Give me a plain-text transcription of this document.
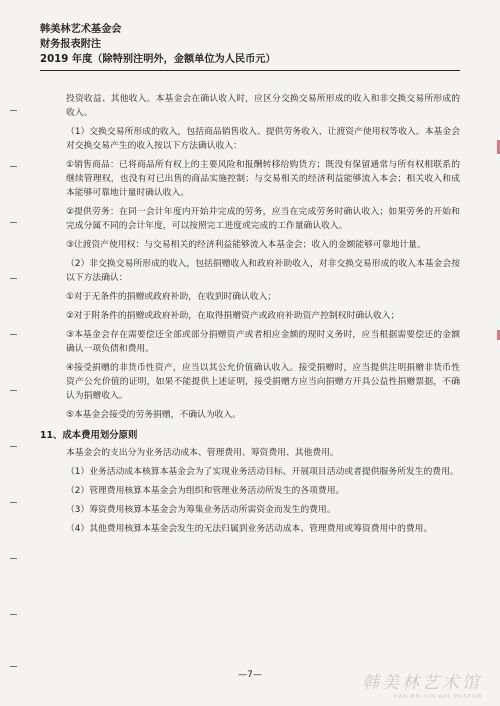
韩美林艺术基金会
财务报表附注
2019 年度（除特别注明外，金额单位为人民币元）

投资收益、其他收入。本基金会在确认收入时，应区分交换交易所形成的收入和非交换交易所形成的收入。

（1）交换交易所形成的收入，包括商品销售收入、提供劳务收入、让渡资产使用权等收入。本基金会对交换交易产生的收入按以下方法确认收入：

①销售商品：已将商品所有权上的主要风险和报酬转移给购货方；既没有保留通常与所有权相联系的继续管理权，也没有对已出售的商品实施控制；与交易相关的经济利益能够流入本会；相关收入和成本能够可靠地计量时确认收入。

②提供劳务：在同一会计年度内开始并完成的劳务，应当在完成劳务时确认收入；如果劳务的开始和完成分属不同的会计年度，可以按照完工进度或完成的工作量确认收入。

③让渡资产使用权：与交易相关的经济利益能够流入本基金会；收入的金额能够可靠地计量。

（2）非交换交易所形成的收入，包括捐赠收入和政府补助收入，对非交换交易形成的收入本基金会按以下方法确认：

①对于无条件的捐赠或政府补助，在收到时确认收入；

②对于附条件的捐赠或政府补助，在取得捐赠资产或政府补助资产控制权时确认收入；

③本基金会存在需要偿还全部或部分捐赠资产或者相应金额的现时义务时，应当根据需要偿还的金额确认一项负债和费用。

④接受捐赠的非货币性资产，应当以其公允价值确认收入。接受捐赠时，应当提供注明捐赠非货币性资产公允价值的证明，如果不能提供上述证明，接受捐赠方应当向捐赠方开具公益性捐赠票据，不确认为捐赠收入。

⑤本基金会接受的劳务捐赠，不确认为收入。

11、成本费用划分原则

本基金会的支出分为业务活动成本、管理费用、筹资费用、其他费用。

（1）业务活动成本核算本基金会为了实现业务活动目标、开展项目活动或者提供服务所发生的费用。

（2）管理费用核算本基金会为组织和管理业务活动所发生的各项费用。

（3）筹资费用核算本基金会为筹集业务活动所需资金而发生的费用。

（4）其他费用核算本基金会发生的无法归属到业务活动成本、管理费用或筹资费用中的费用。

—7—	韩美林艺术馆
HAN MEI LIN ART MUSEUM
